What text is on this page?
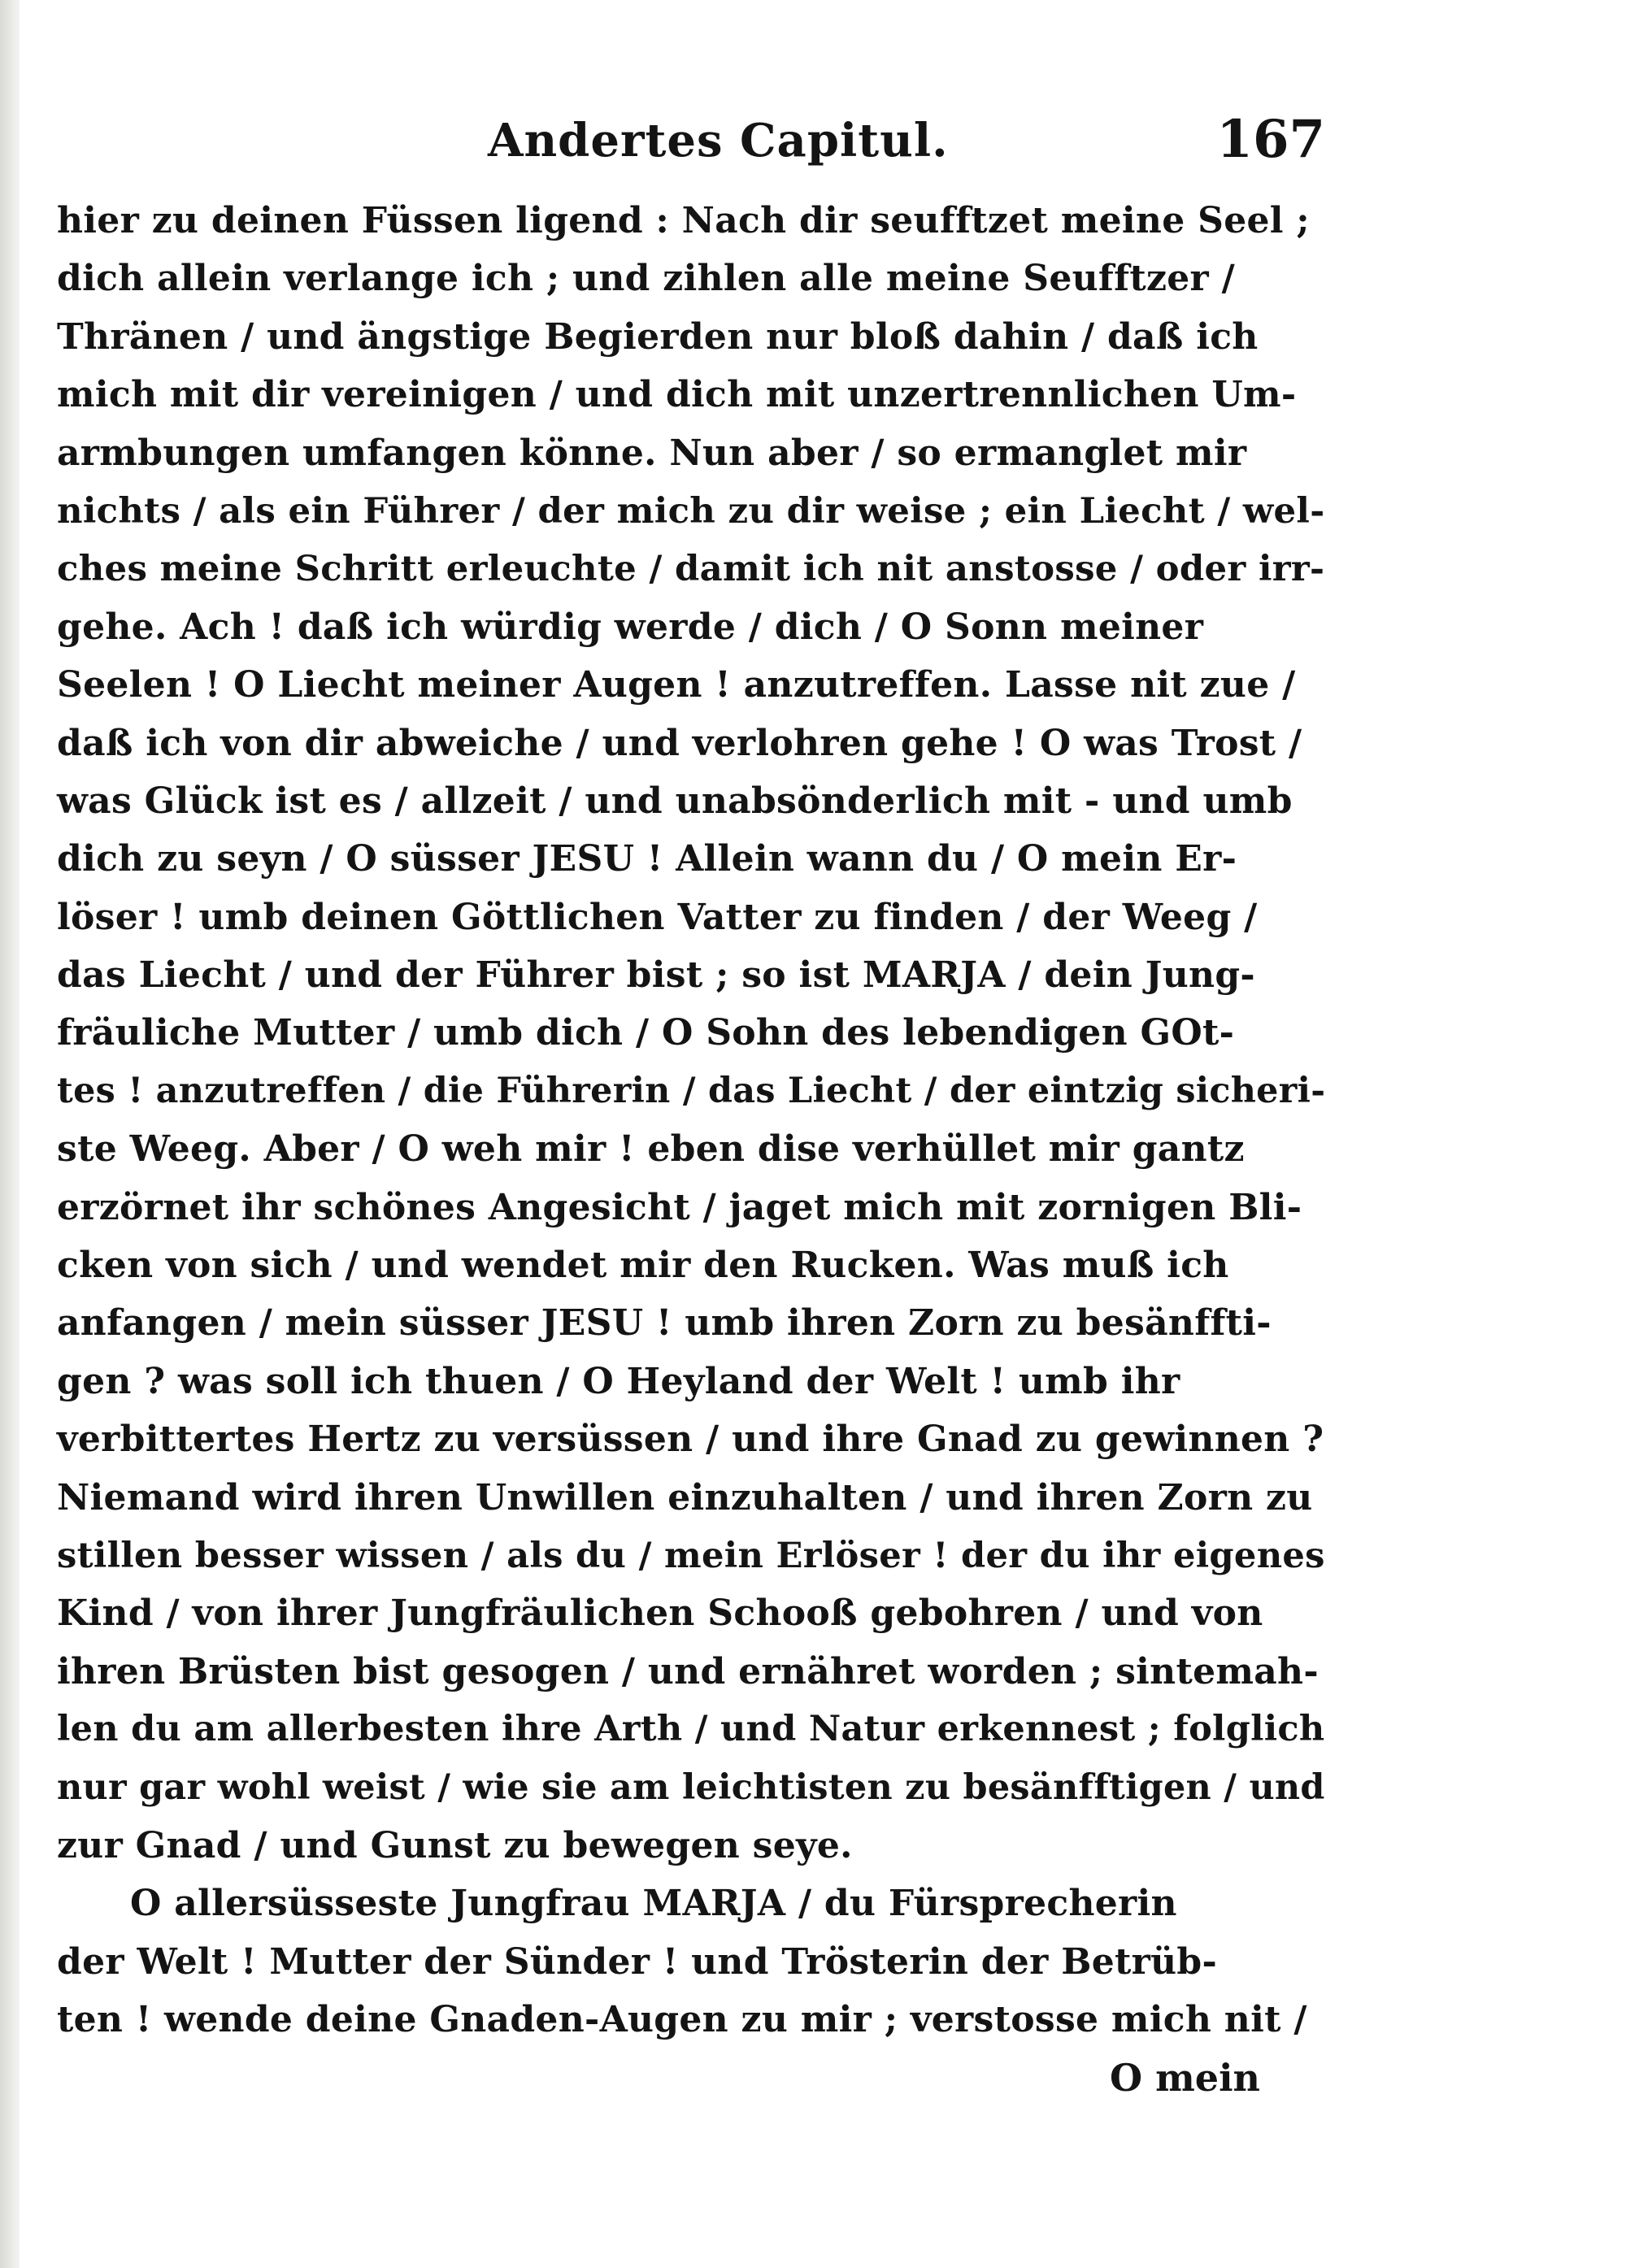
Andertes Capitul.	167
hier zu deinen Füssen ligend : Nach dir seufftzet meine Seel ;
dich allein verlange ich ; und zihlen alle meine Seufftzer /
Thränen / und ängstige Begierden nur bloß dahin / daß ich
mich mit dir vereinigen / und dich mit unzertrennlichen Um-
armbungen umfangen könne. Nun aber / so ermanglet mir
nichts / als ein Führer / der mich zu dir weise ; ein Liecht / wel-
ches meine Schritt erleuchte / damit ich nit anstosse / oder irr-
gehe. Ach ! daß ich würdig werde / dich / O Sonn meiner
Seelen ! O Liecht meiner Augen ! anzutreffen. Lasse nit zue /
daß ich von dir abweiche / und verlohren gehe ! O was Trost /
was Glück ist es / allzeit / und unabsönderlich mit - und umb
dich zu seyn / O süsser JESU ! Allein wann du / O mein Er-
löser ! umb deinen Göttlichen Vatter zu finden / der Weeg /
das Liecht / und der Führer bist ; so ist MARJA / dein Jung-
fräuliche Mutter / umb dich / O Sohn des lebendigen GOt-
tes ! anzutreffen / die Führerin / das Liecht / der eintzig sicheri-
ste Weeg. Aber / O weh mir ! eben dise verhüllet mir gantz
erzörnet ihr schönes Angesicht / jaget mich mit zornigen Bli-
cken von sich / und wendet mir den Rucken. Was muß ich
anfangen / mein süsser JESU ! umb ihren Zorn zu besänffti-
gen ? was soll ich thuen / O Heyland der Welt ! umb ihr
verbittertes Hertz zu versüssen / und ihre Gnad zu gewinnen ?
Niemand wird ihren Unwillen einzuhalten / und ihren Zorn zu
stillen besser wissen / als du / mein Erlöser ! der du ihr eigenes
Kind / von ihrer Jungfräulichen Schooß gebohren / und von
ihren Brüsten bist gesogen / und ernähret worden ; sintemah-
len du am allerbesten ihre Arth / und Natur erkennest ; folglich
nur gar wohl weist / wie sie am leichtisten zu besänfftigen / und
zur Gnad / und Gunst zu bewegen seye.
O allersüsseste Jungfrau MARJA / du Fürsprecherin
der Welt ! Mutter der Sünder ! und Trösterin der Betrüb-
ten ! wende deine Gnaden-Augen zu mir ; verstosse mich nit /
O mein
